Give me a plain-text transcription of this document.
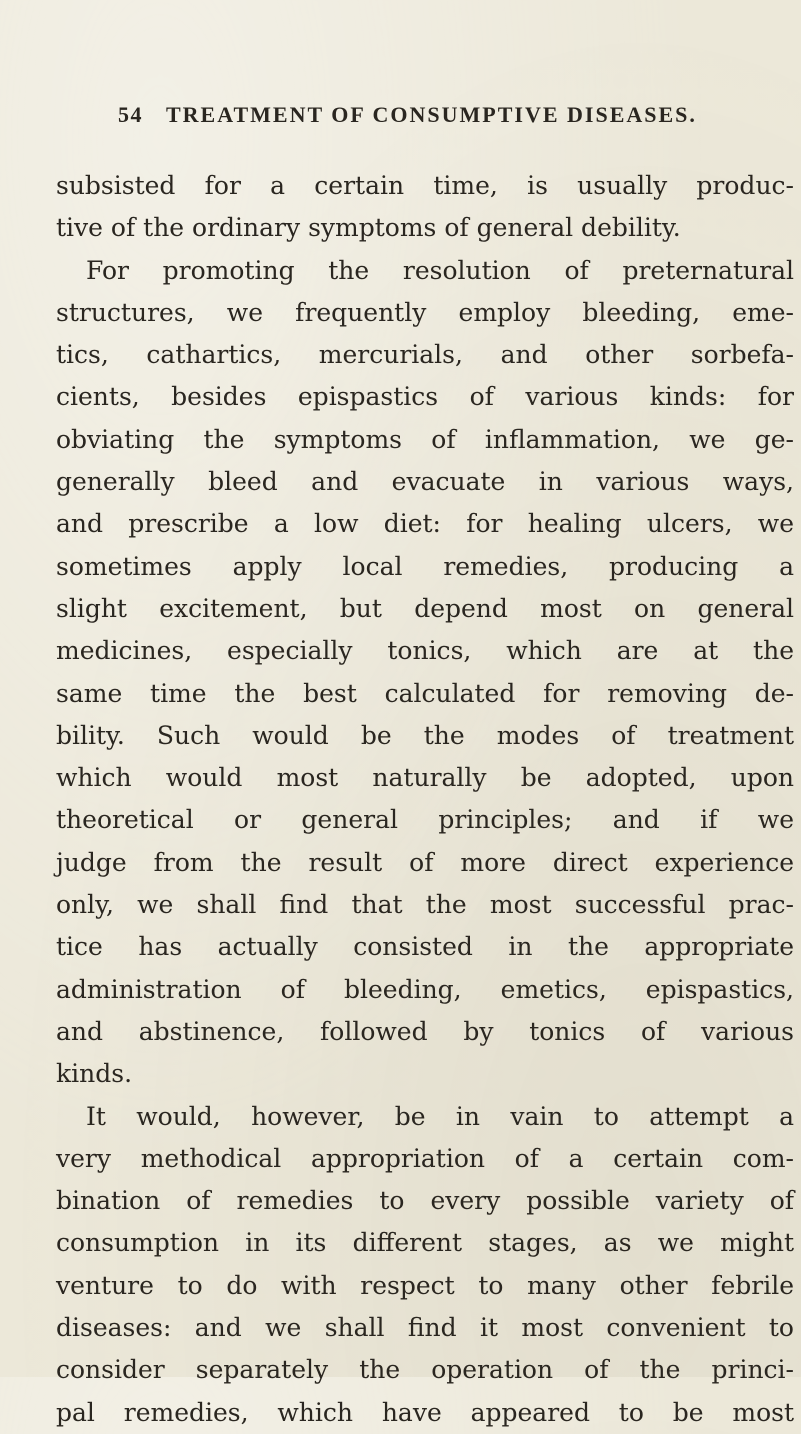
54 TREATMENT OF CONSUMPTIVE DISEASES.
subsisted for a certain time, is usually produc-
tive of the ordinary symptoms of general debility.
For promoting the resolution of preternatural
structures, we frequently employ bleeding, eme-
tics, cathartics, mercurials, and other sorbefa-
cients, besides epispastics of various kinds: for
obviating the symptoms of inflammation, we ge-
generally bleed and evacuate in various ways,
and prescribe a low diet: for healing ulcers, we
sometimes apply local remedies, producing a
slight excitement, but depend most on general
medicines, especially tonics, which are at the
same time the best calculated for removing de-
bility. Such would be the modes of treatment
which would most naturally be adopted, upon
theoretical or general principles; and if we
judge from the result of more direct experience
only, we shall find that the most successful prac-
tice has actually consisted in the appropriate
administration of bleeding, emetics, epispastics,
and abstinence, followed by tonics of various
kinds.
It would, however, be in vain to attempt a
very methodical appropriation of a certain com-
bination of remedies to every possible variety of
consumption in its different stages, as we might
venture to do with respect to many other febrile
diseases: and we shall find it most convenient to
consider separately the operation of the princi-
pal remedies, which have appeared to be most
